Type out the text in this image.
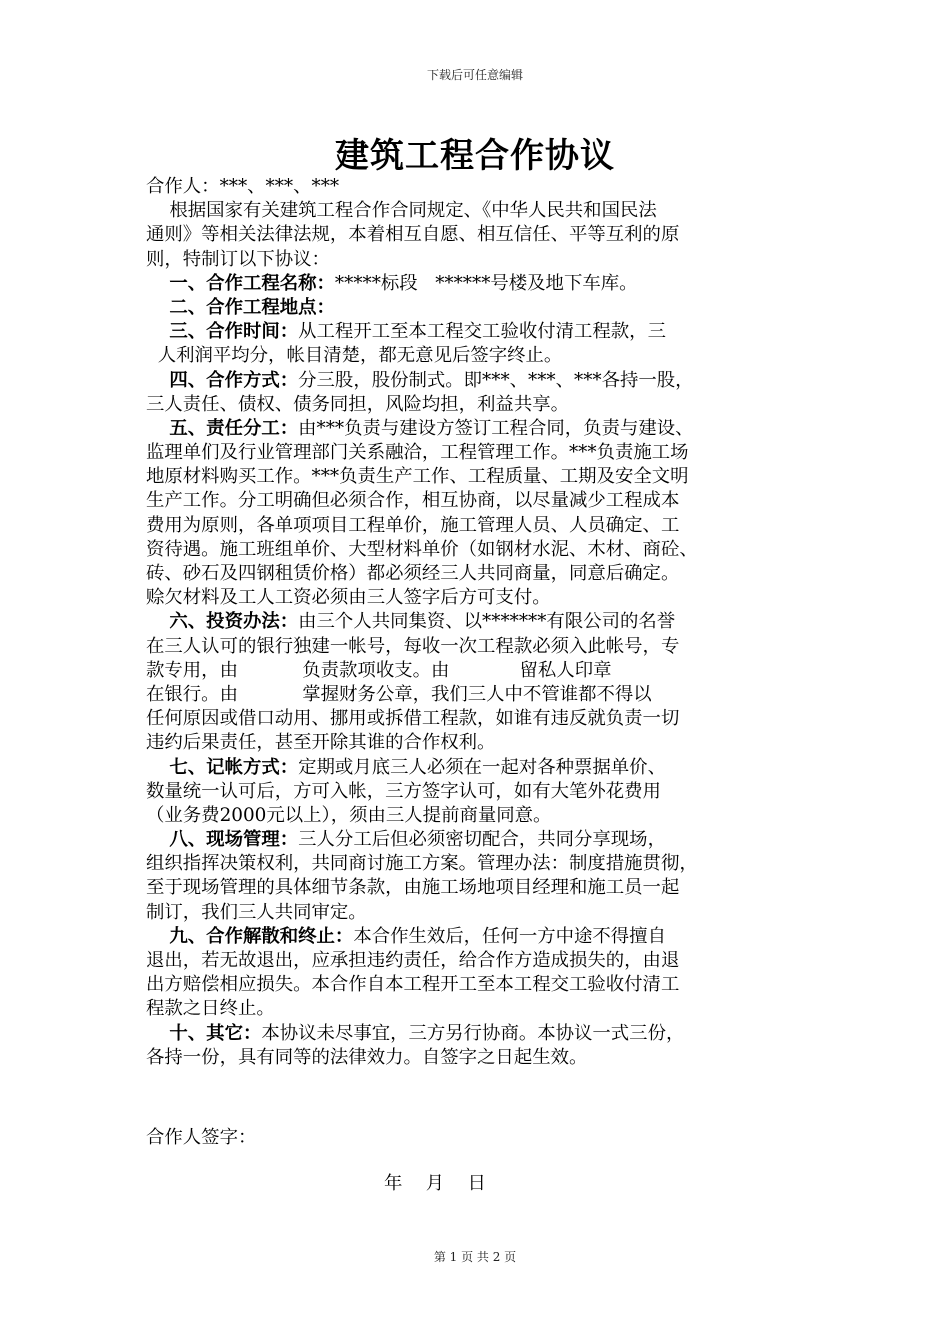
下载后可任意编辑
建筑工程合作协议
合作人：***、***、***
根据国家有关建筑工程合作合同规定、《中华人民共和国民法
通则》等相关法律法规，本着相互自愿、相互信任、平等互利的原
则，特制订以下协议：
一、合作工程名称：*****标段   ******号楼及地下车库。
二、合作工程地点：
三、合作时间：从工程开工至本工程交工验收付清工程款，三
人利润平均分，帐目清楚，都无意见后签字终止。
四、合作方式：分三股，股份制式。即***、***、***各持一股，
三人责任、债权、债务同担，风险均担，利益共享。
五、责任分工：由***负责与建设方签订工程合同，负责与建设、
监理单们及行业管理部门关系融洽，工程管理工作。***负责施工场
地原材料购买工作。***负责生产工作、工程质量、工期及安全文明
生产工作。分工明确但必须合作，相互协商，以尽量减少工程成本
费用为原则，各单项项目工程单价，施工管理人员、人员确定、工
资待遇。施工班组单价、大型材料单价（如钢材水泥、木材、商砼、
砖、砂石及四钢租赁价格）都必须经三人共同商量，同意后确定。
赊欠材料及工人工资必须由三人签字后方可支付。
六、投资办法：由三个人共同集资、以*******有限公司的名誉
在三人认可的银行独建一帐号，每收一次工程款必须入此帐号，专
款专用，由           负责款项收支。由            留私人印章
在银行。由           掌握财务公章，我们三人中不管谁都不得以
任何原因或借口动用、挪用或拆借工程款，如谁有违反就负责一切
违约后果责任，甚至开除其谁的合作权利。
七、记帐方式：定期或月底三人必须在一起对各种票据单价、
数量统一认可后，方可入帐，三方签字认可，如有大笔外花费用
（业务费2000元以上），须由三人提前商量同意。
八、现场管理：三人分工后但必须密切配合，共同分享现场，
组织指挥决策权利，共同商讨施工方案。管理办法：制度措施贯彻，
至于现场管理的具体细节条款，由施工场地项目经理和施工员一起
制订，我们三人共同审定。
九、合作解散和终止：本合作生效后，任何一方中途不得擅自
退出，若无故退出，应承担违约责任，给合作方造成损失的，由退
出方赔偿相应损失。本合作自本工程开工至本工程交工验收付清工
程款之日终止。
十、其它：本协议未尽事宜，三方另行协商。本协议一式三份，
各持一份，具有同等的法律效力。自签字之日起生效。
合作人签字：
年    月    日
第 1 页 共 2 页
